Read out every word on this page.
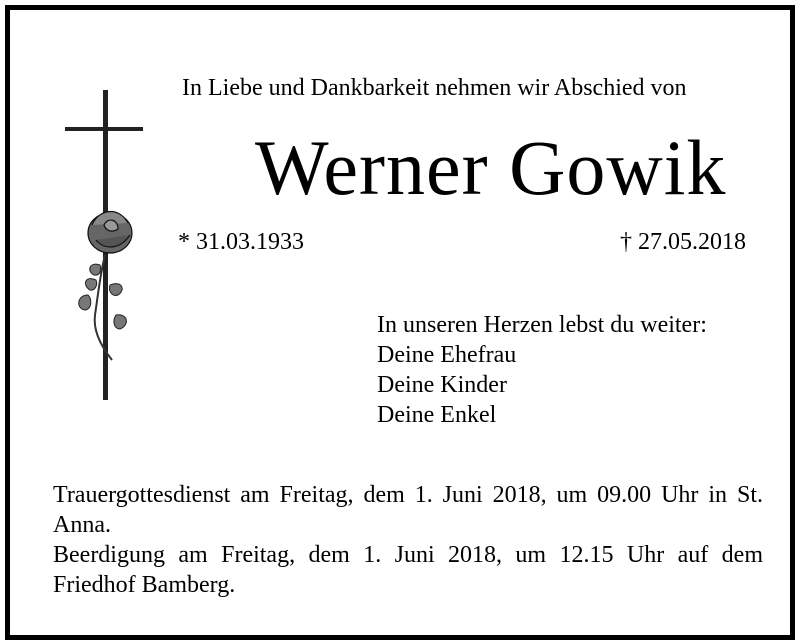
In Liebe und Dankbarkeit nehmen wir Abschied von
Werner Gowik
* 31.03.1933	† 27.05.2018
In unseren Herzen lebst du weiter:
Deine Ehefrau
Deine Kinder
Deine Enkel

Trauergottesdienst am Freitag, dem 1. Juni 2018, um 09.00 Uhr in St. Anna.

Beerdigung am Freitag, dem 1. Juni 2018, um 12.15 Uhr auf dem Friedhof Bamberg.
